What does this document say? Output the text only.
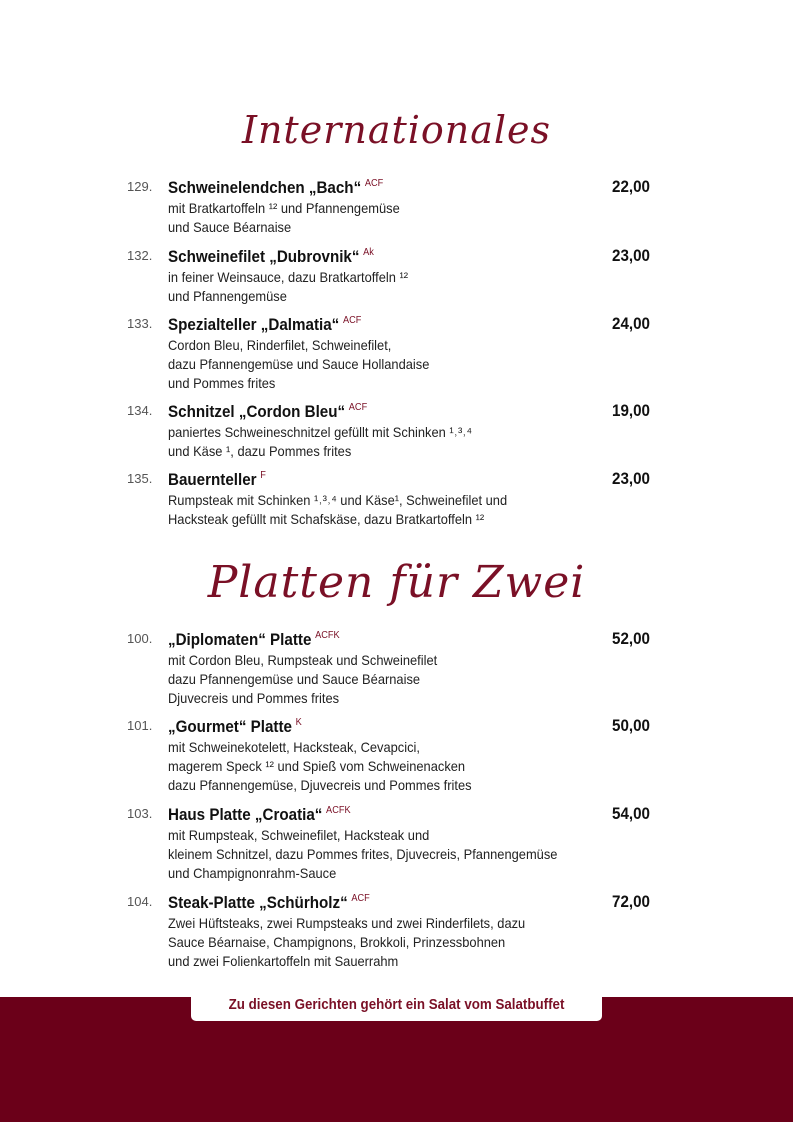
Internationales
129. Schweinelendchen „Bach“ $^{ACF}$	22,00
mit Bratkartoffeln ¹² und Pfannengemüse
und Sauce Béarnaise
132. Schweinefilet „Dubrovnik“ $^{Ak}$	23,00
in feiner Weinsauce, dazu Bratkartoffeln ¹²
und Pfannengemüse
133. Spezialteller „Dalmatia“ $^{ACF}$	24,00
Cordon Bleu, Rinderfilet, Schweinefilet,
dazu Pfannengemüse und Sauce Hollandaise
und Pommes frites
134. Schnitzel „Cordon Bleu“ $^{ACF}$	19,00
paniertes Schweineschnitzel gefüllt mit Schinken ¹˒³˒⁴
und Käse ¹, dazu Pommes frites
135. Bauernteller $^F$	23,00
Rumpsteak mit Schinken ¹˒³˒⁴ und Käse¹, Schweinefilet und
Hacksteak gefüllt mit Schafskäse, dazu Bratkartoffeln ¹²
Platten für Zwei
100. „Diplomaten“ Platte $^{ACFK}$	52,00
mit Cordon Bleu, Rumpsteak und Schweinefilet
dazu Pfannengemüse und Sauce Béarnaise
Djuvecreis und Pommes frites
101. „Gourmet“ Platte $^K$	50,00
mit Schweinekotelett, Hacksteak, Cevapcici,
magerem Speck ¹² und Spieß vom Schweinenacken
dazu Pfannengemüse, Djuvecreis und Pommes frites
103. Haus Platte „Croatia“ $^{ACFK}$	54,00
mit Rumpsteak, Schweinefilet, Hacksteak und
kleinem Schnitzel, dazu Pommes frites, Djuvecreis, Pfannengemüse
und Champignonrahm-Sauce
104. Steak-Platte „Schürholz“ $^{ACF}$	72,00
Zwei Hüftsteaks, zwei Rumpsteaks und zwei Rinderfilets, dazu
Sauce Béarnaise, Champignons, Brokkoli, Prinzessbohnen
und zwei Folienkartoffeln mit Sauerrahm
Zu diesen Gerichten gehört ein Salat vom Salatbuffet
